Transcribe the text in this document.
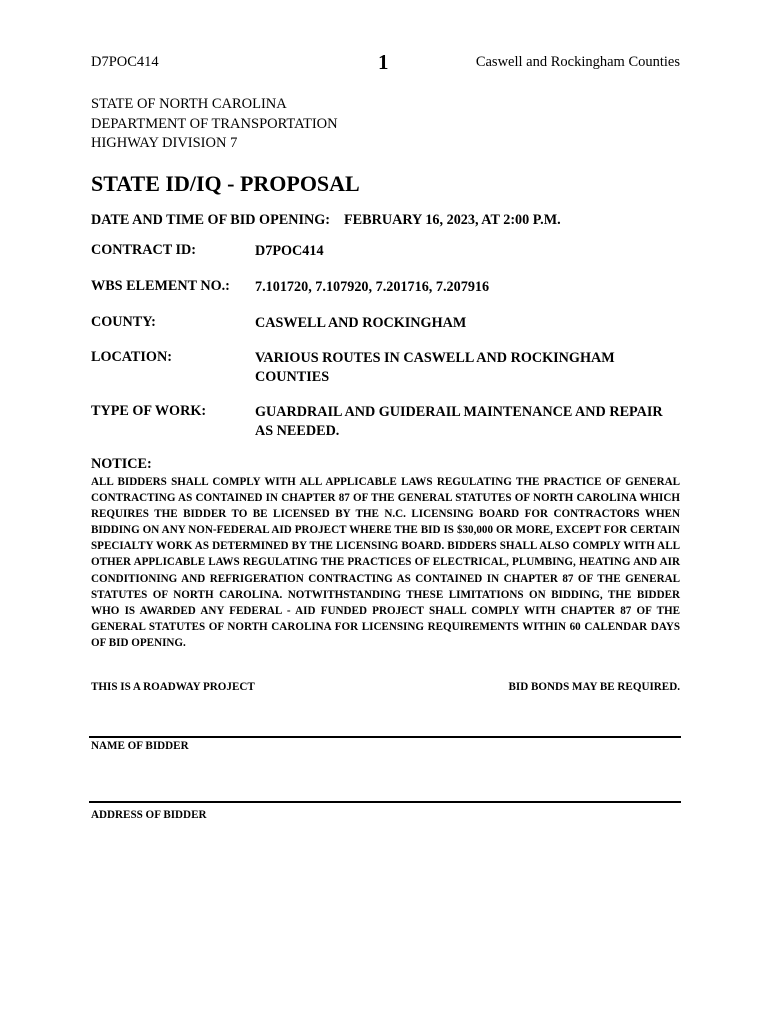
D7POC414	1	Caswell and Rockingham Counties
STATE OF NORTH CAROLINA
DEPARTMENT OF TRANSPORTATION
HIGHWAY DIVISION 7
STATE ID/IQ - PROPOSAL
DATE AND TIME OF BID OPENING: FEBRUARY 16, 2023, AT 2:00 P.M.
CONTRACT ID:	D7POC414
WBS ELEMENT NO.: 7.101720, 7.107920, 7.201716, 7.207916
COUNTY:	CASWELL AND ROCKINGHAM
LOCATION:	VARIOUS ROUTES IN CASWELL AND ROCKINGHAM COUNTIES
TYPE OF WORK:	GUARDRAIL AND GUIDERAIL MAINTENANCE AND REPAIR AS NEEDED.
NOTICE:
ALL BIDDERS SHALL COMPLY WITH ALL APPLICABLE LAWS REGULATING THE PRACTICE OF GENERAL CONTRACTING AS CONTAINED IN CHAPTER 87 OF THE GENERAL STATUTES OF NORTH CAROLINA WHICH REQUIRES THE BIDDER TO BE LICENSED BY THE N.C. LICENSING BOARD FOR CONTRACTORS WHEN BIDDING ON ANY NON-FEDERAL AID PROJECT WHERE THE BID IS $30,000 OR MORE, EXCEPT FOR CERTAIN SPECIALTY WORK AS DETERMINED BY THE LICENSING BOARD. BIDDERS SHALL ALSO COMPLY WITH ALL OTHER APPLICABLE LAWS REGULATING THE PRACTICES OF ELECTRICAL, PLUMBING, HEATING AND AIR CONDITIONING AND REFRIGERATION CONTRACTING AS CONTAINED IN CHAPTER 87 OF THE GENERAL STATUTES OF NORTH CAROLINA. NOTWITHSTANDING THESE LIMITATIONS ON BIDDING, THE BIDDER WHO IS AWARDED ANY FEDERAL - AID FUNDED PROJECT SHALL COMPLY WITH CHAPTER 87 OF THE GENERAL STATUTES OF NORTH CAROLINA FOR LICENSING REQUIREMENTS WITHIN 60 CALENDAR DAYS OF BID OPENING.
THIS IS A ROADWAY PROJECT	BID BONDS MAY BE REQUIRED.
NAME OF BIDDER
ADDRESS OF BIDDER
